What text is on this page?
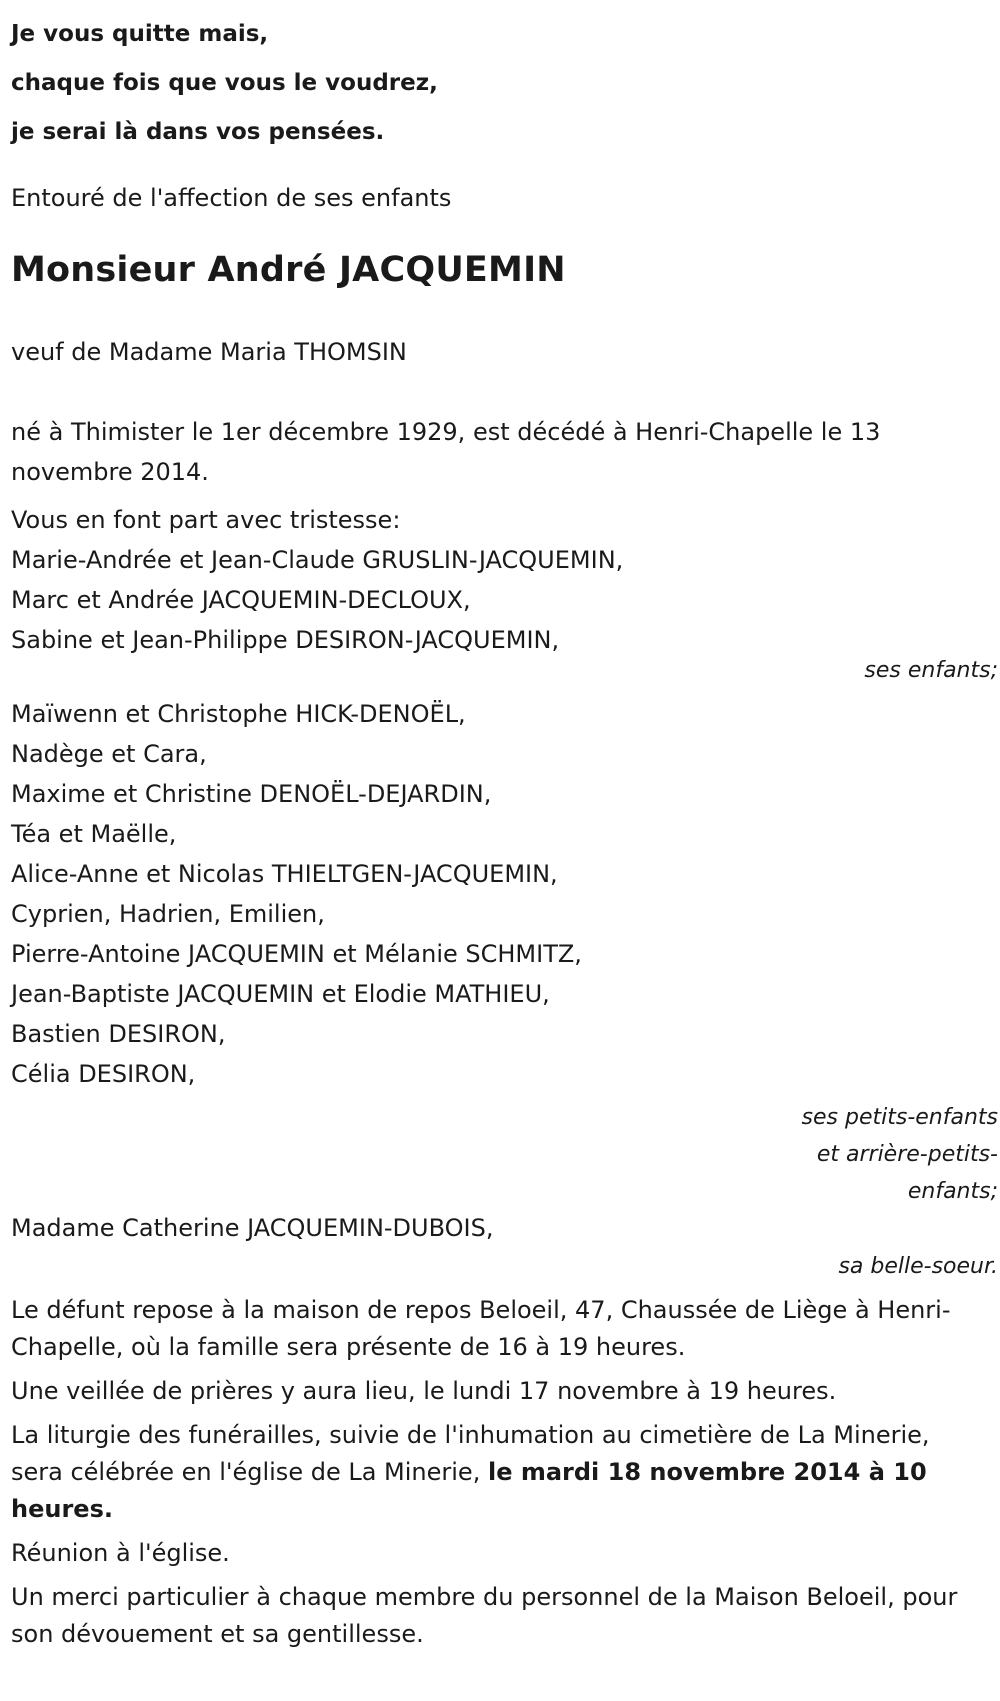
Je vous quitte mais,
chaque fois que vous le voudrez,
je serai là dans vos pensées.

Entouré de l'affection de ses enfants

Monsieur André JACQUEMIN

veuf de Madame Maria THOMSIN

né à Thimister le 1er décembre 1929, est décédé à Henri-Chapelle le 13 novembre 2014.

Vous en font part avec tristesse:
Marie-Andrée et Jean-Claude GRUSLIN-JACQUEMIN,
Marc et Andrée JACQUEMIN-DECLOUX,
Sabine et Jean-Philippe DESIRON-JACQUEMIN,
ses enfants;
Maïwenn et Christophe HICK-DENOËL,
Nadège et Cara,
Maxime et Christine DENOËL-DEJARDIN,
Téa et Maëlle,
Alice-Anne et Nicolas THIELTGEN-JACQUEMIN,
Cyprien, Hadrien, Emilien,
Pierre-Antoine JACQUEMIN et Mélanie SCHMITZ,
Jean-Baptiste JACQUEMIN et Elodie MATHIEU,
Bastien DESIRON,
Célia DESIRON,
ses petits-enfants
et arrière-petits-
enfants;
Madame Catherine JACQUEMIN-DUBOIS,
sa belle-soeur.

Le défunt repose à la maison de repos Beloeil, 47, Chaussée de Liège à Henri-Chapelle, où la famille sera présente de 16 à 19 heures.

Une veillée de prières y aura lieu, le lundi 17 novembre à 19 heures.

La liturgie des funérailles, suivie de l'inhumation au cimetière de La Minerie, sera célébrée en l'église de La Minerie, le mardi 18 novembre 2014 à 10 heures.

Réunion à l'église.

Un merci particulier à chaque membre du personnel de la Maison Beloeil, pour son dévouement et sa gentillesse.
